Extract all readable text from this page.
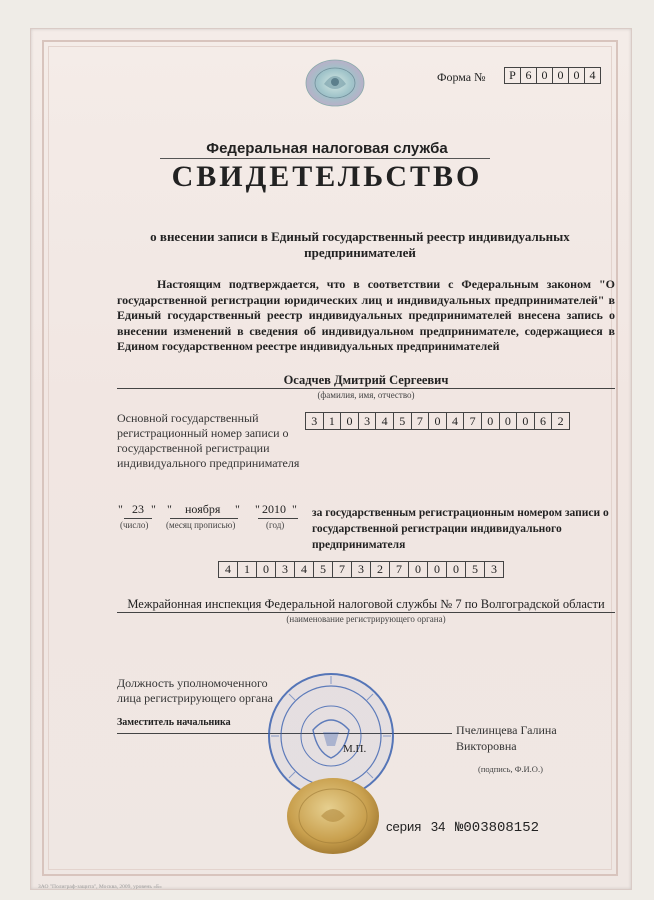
Форма №	Р 6 0 0 0 4
Федеральная налоговая служба
СВИДЕТЕЛЬСТВО
о внесении записи в Единый государственный реестр индивидуальных
предпринимателей
Настоящим подтверждается, что в соответствии с Федеральным законом "О государственной регистрации юридических лиц и индивидуальных предпринимателей" в Единый государственный реестр индивидуальных предпринимателей внесена запись о внесении изменений в сведения об индивидуальном предпринимателе, содержащиеся в Едином государственном реестре индивидуальных предпринимателей
Осадчев Дмитрий Сергеевич
(фамилия, имя, отчество)
Основной государственный регистрационный номер записи о государственной регистрации индивидуального предпринимателя
3 1 0 3 4 5 7 0 4 7 0 0 0 6 2
" 23 " " ноября " " 2010 "
(число) (месяц прописью)	(год)
за государственным регистрационным номером записи о государственной регистрации индивидуального предпринимателя
4	1	0	3	4	5	7	3	2	7	0	0	0	5	3
Межрайонная инспекция Федеральной налоговой службы № 7 по Волгоградской области
(наименование регистрирующего органа)
Должность уполномоченного
лица регистрирующего органа
Заместитель начальника
М.П.
Пчелинцева Галина
Викторовна
(подпись, Ф.И.О.)
серия 34 №003808152
ЗАО "Полиграф-защита", Москва, 2009, уровень «Б»
